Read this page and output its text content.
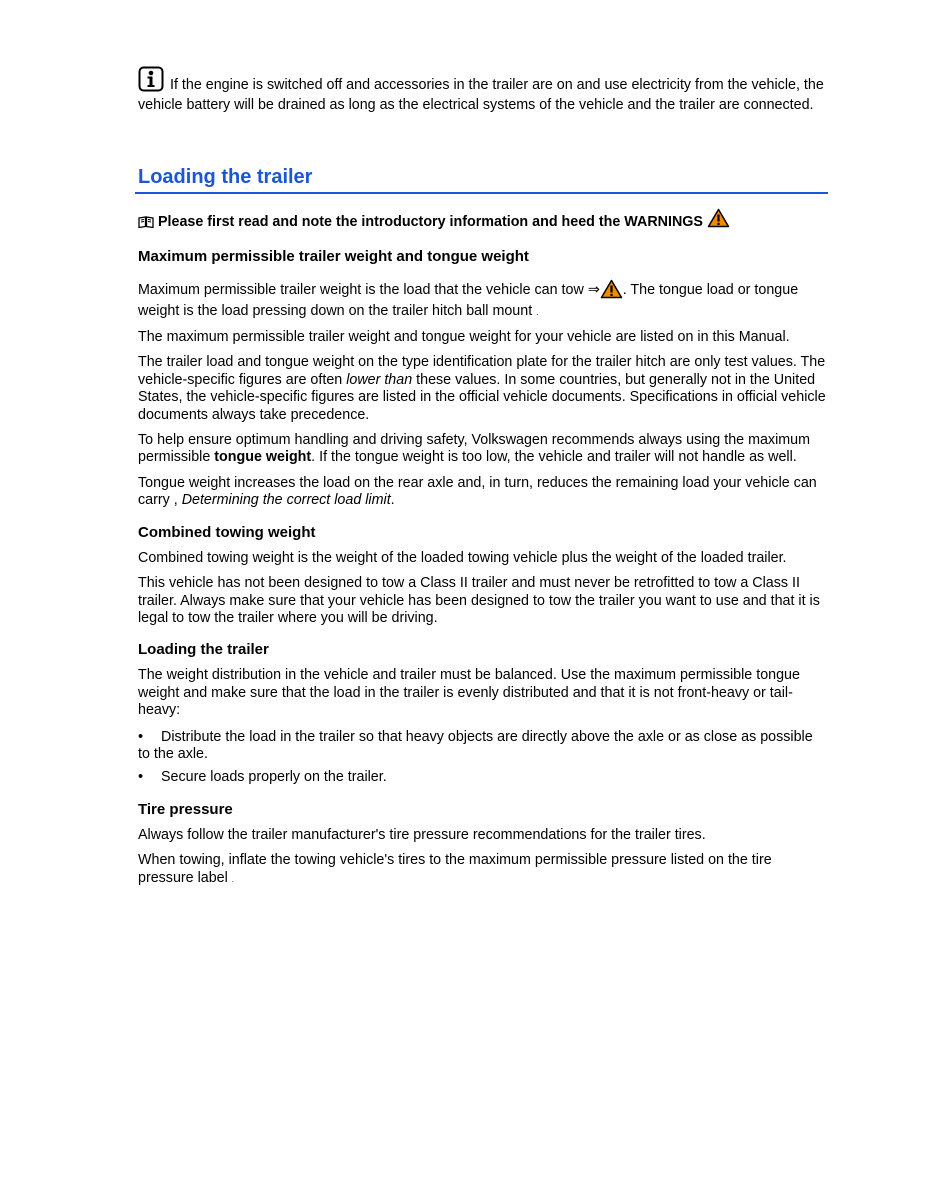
If the engine is switched off and accessories in the trailer are on and use electricity from the vehicle, the vehicle battery will be drained as long as the electrical systems of the vehicle and the trailer are connected.

Loading the trailer

Please first read and note the introductory information and heed the WARNINGS

Maximum permissible trailer weight and tongue weight

Maximum permissible trailer weight is the load that the vehicle can tow ⇒ . The tongue load or tongue weight is the load pressing down on the trailer hitch ball mount .

The maximum permissible trailer weight and tongue weight for your vehicle are listed on in this Manual.

The trailer load and tongue weight on the type identification plate for the trailer hitch are only test values. The vehicle-specific figures are often lower than these values. In some countries, but generally not in the United States, the vehicle-specific figures are listed in the official vehicle documents. Specifications in official vehicle documents always take precedence.

To help ensure optimum handling and driving safety, Volkswagen recommends always using the maximum permissible tongue weight. If the tongue weight is too low, the vehicle and trailer will not handle as well.

Tongue weight increases the load on the rear axle and, in turn, reduces the remaining load your vehicle can carry , Determining the correct load limit.

Combined towing weight

Combined towing weight is the weight of the loaded towing vehicle plus the weight of the loaded trailer.

This vehicle has not been designed to tow a Class II trailer and must never be retrofitted to tow a Class II trailer. Always make sure that your vehicle has been designed to tow the trailer you want to use and that it is legal to tow the trailer where you will be driving.

Loading the trailer

The weight distribution in the vehicle and trailer must be balanced. Use the maximum permissible tongue weight and make sure that the load in the trailer is evenly distributed and that it is not front-heavy or tail-heavy:

• Distribute the load in the trailer so that heavy objects are directly above the axle or as close as possible to the axle.
• Secure loads properly on the trailer.
Tire pressure

Always follow the trailer manufacturer's tire pressure recommendations for the trailer tires.

When towing, inflate the towing vehicle's tires to the maximum permissible pressure listed on the tire pressure label .
